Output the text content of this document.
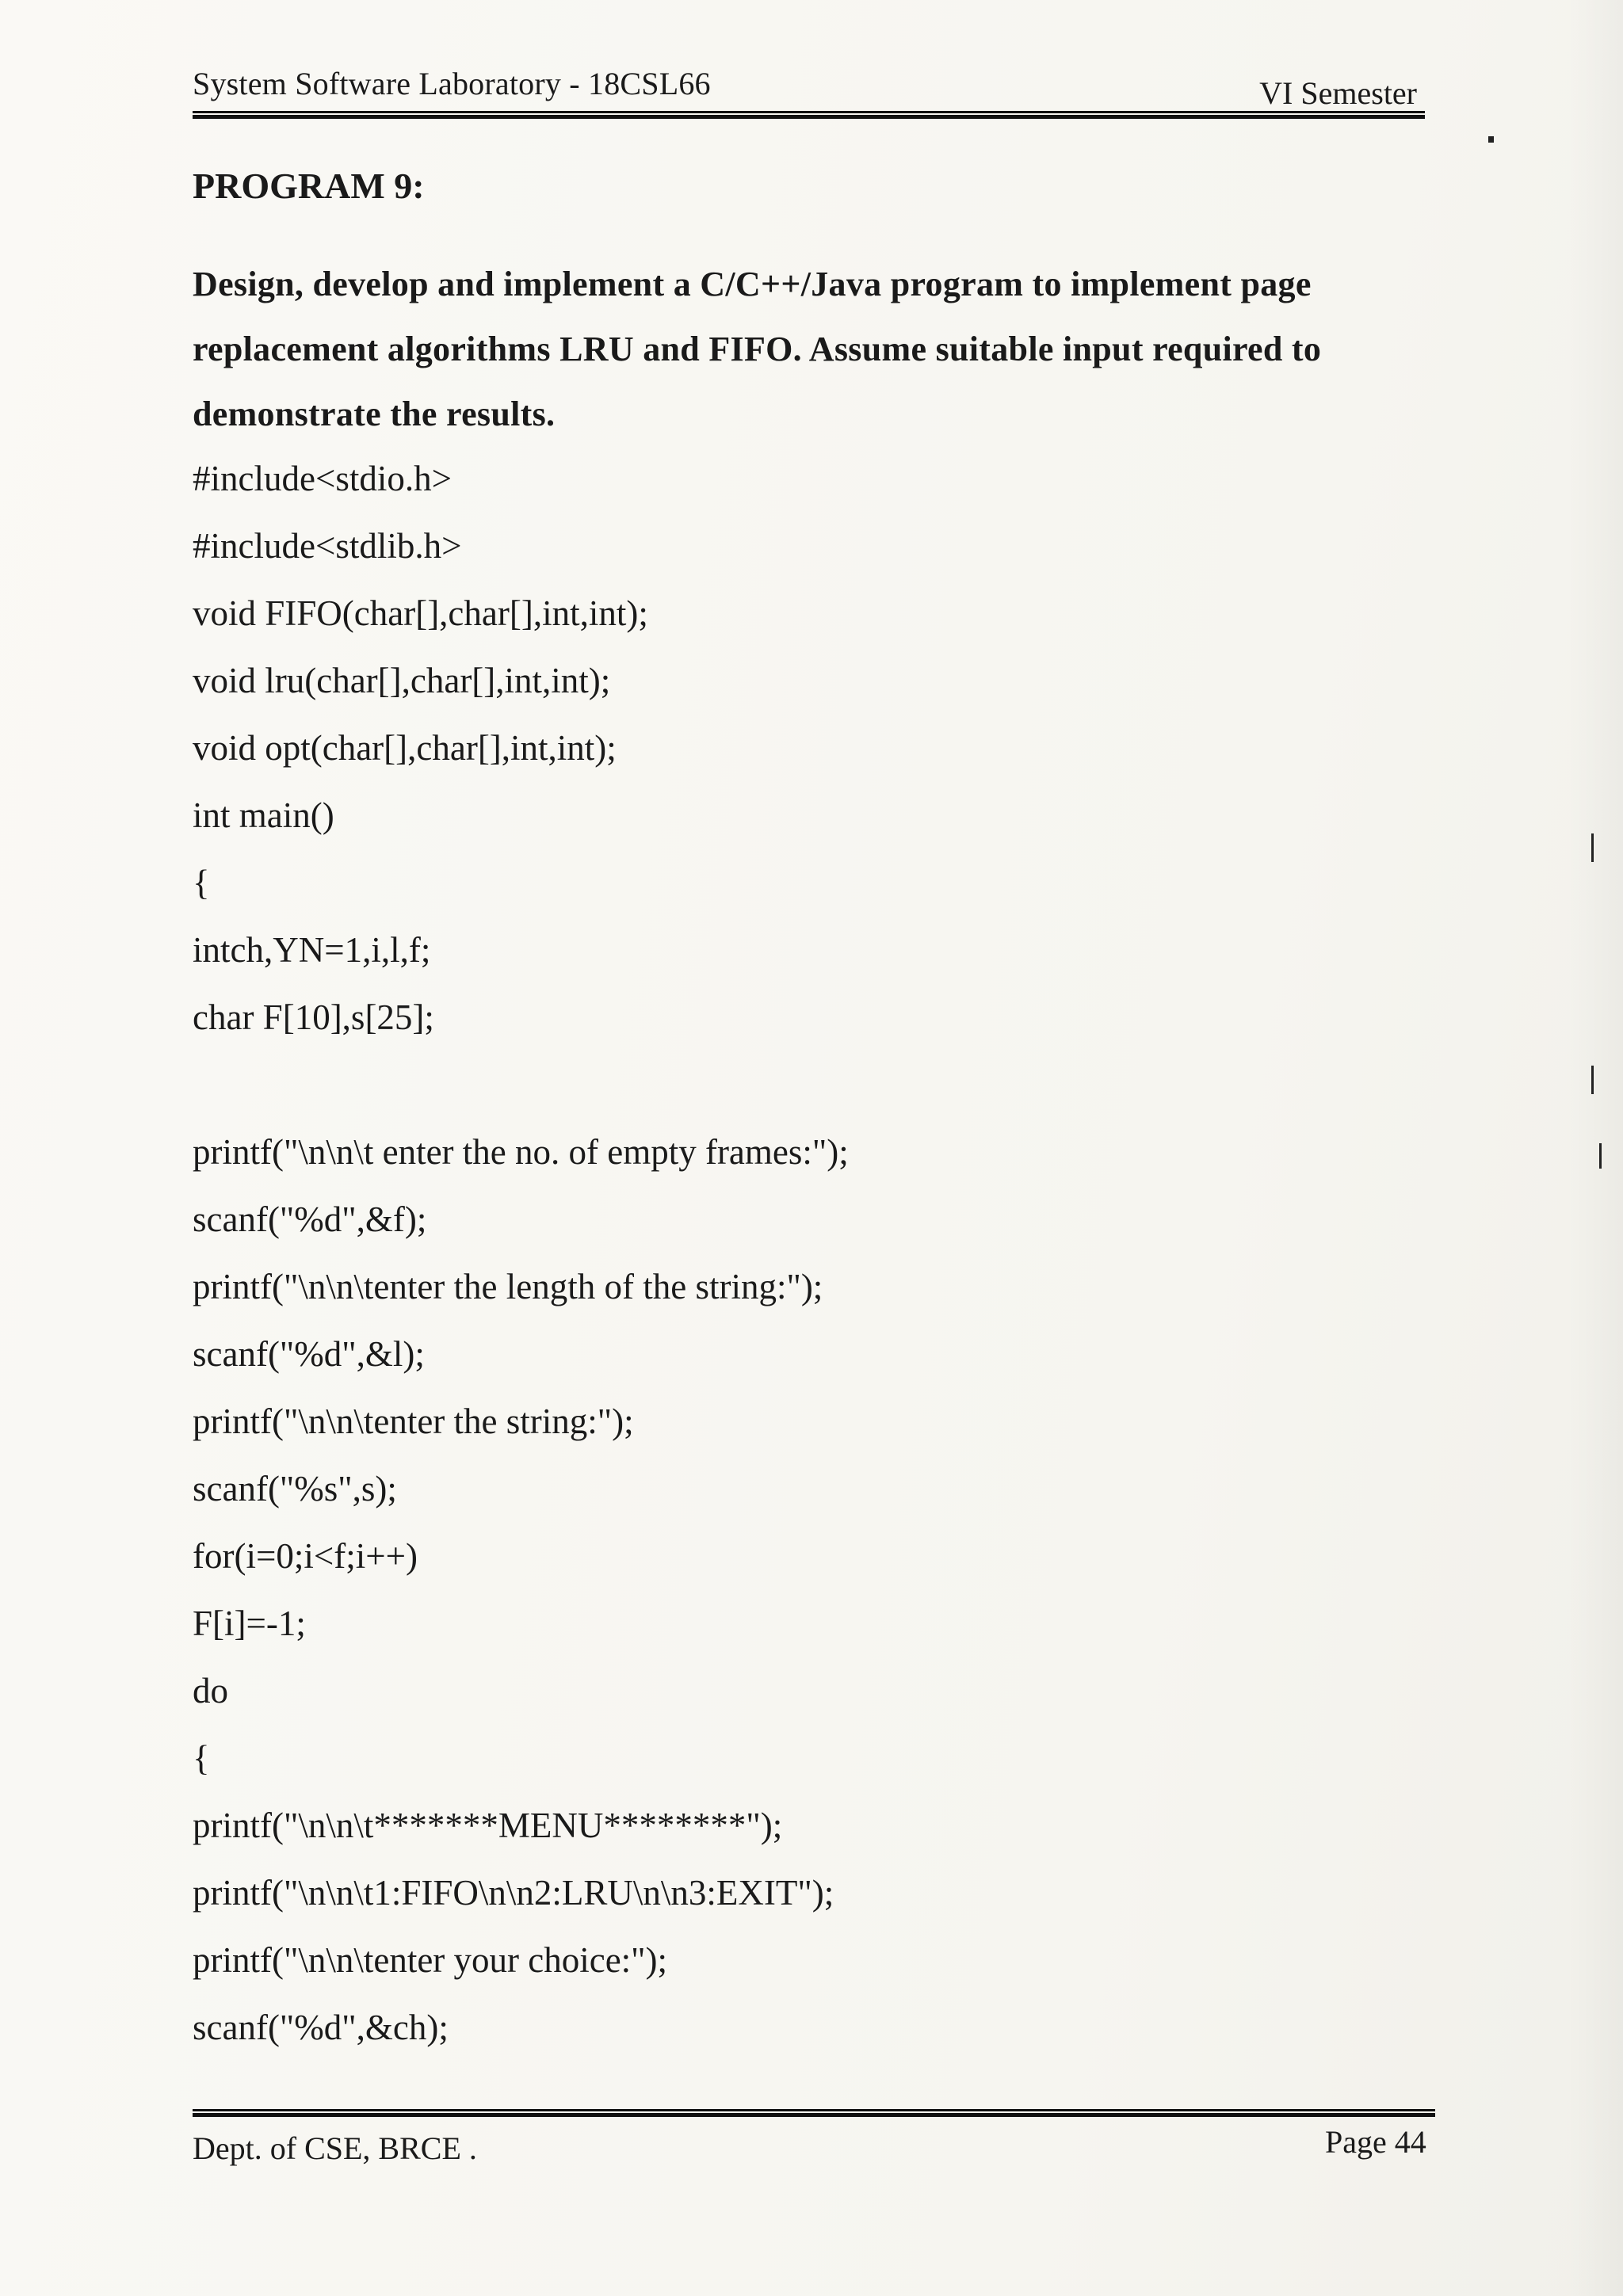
System Software Laboratory - 18CSL66	VI Semester
PROGRAM 9:
Design, develop and implement a C/C++/Java program to implement page replacement algorithms LRU and FIFO. Assume suitable input required to demonstrate the results.
#include<stdio.h>
#include<stdlib.h>
void FIFO(char[],char[],int,int);
void lru(char[],char[],int,int);
void opt(char[],char[],int,int);
int main()
{
intch,YN=1,i,l,f;
char F[10],s[25];
printf("\n\n\t enter the no. of empty frames:");
scanf("%d",&f);
printf("\n\n\tenter the length of the string:");
scanf("%d",&l);
printf("\n\n\tenter the string:");
scanf("%s",s);
for(i=0;i<f;i++)
F[i]=-1;
do
{
printf("\n\n\t*******MENU********");
printf("\n\n\t1:FIFO\n\n2:LRU\n\n3:EXIT");
printf("\n\n\tenter your choice:");
scanf("%d",&ch);
Dept. of CSE, BRCE .	Page 44
